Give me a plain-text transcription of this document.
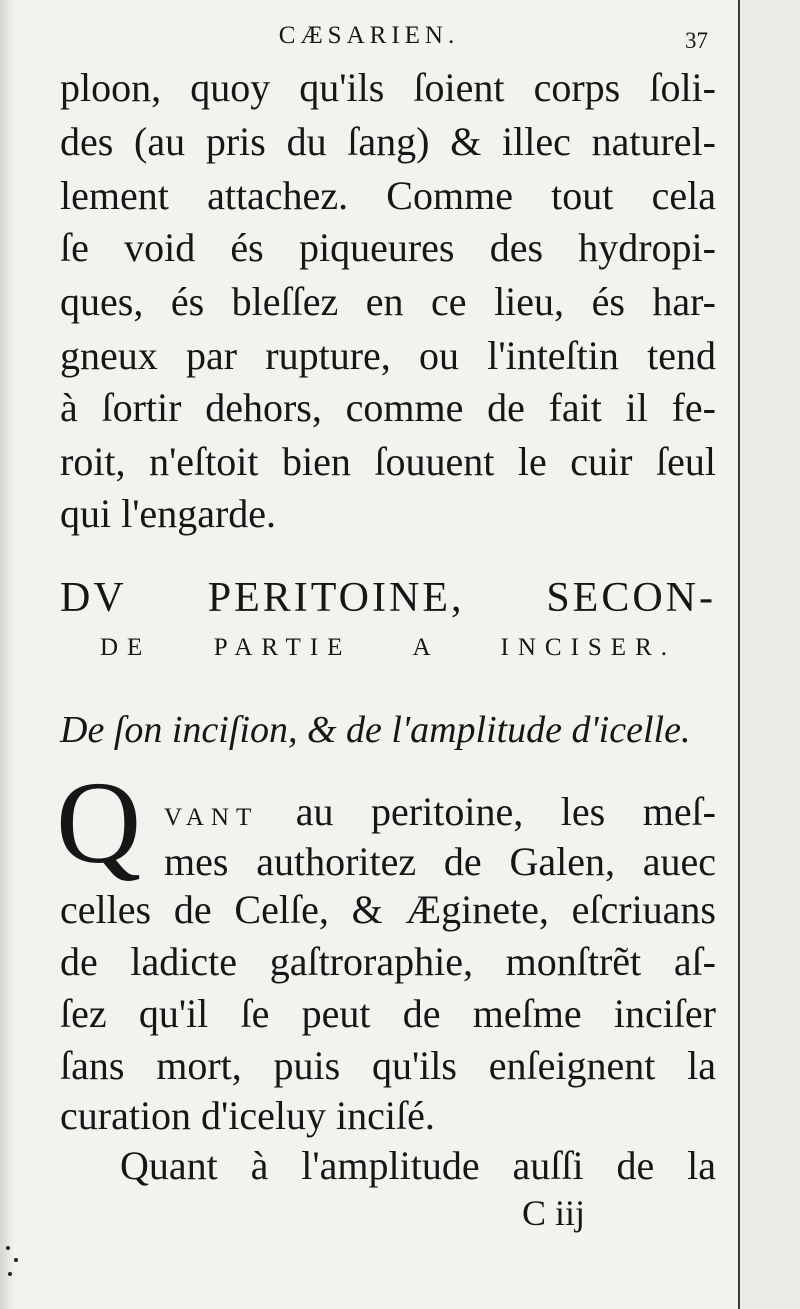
CÆSARIEN.	37

ploon, quoy qu'ils ſoient corps ſoli-

des (au pris du ſang) & illec naturel-

lement attachez. Comme tout cela

ſe void és piqueures des hydropi-

ques, és bleſſez en ce lieu, és har-

gneux par rupture, ou l'inteſtin tend

à ſortir dehors, comme de fait il fe-

roit, n'eſtoit bien ſouuent le cuir ſeul

qui l'engarde.

DV PERITOINE, SECON-
DE PARTIE A INCISER.

De ſon inciſion, & de l'amplitude d'icelle.

Q VANT au peritoine, les meſ-

mes authoritez de Galen, auec

celles de Celſe, & Æginete, eſcriuans

de ladicte gaſtroraphie, monſtrẽt aſ-

ſez qu'il ſe peut de meſme inciſer

ſans mort, puis qu'ils enſeignent la

curation d'iceluy inciſé.

Quant à l'amplitude auſſi de la

C iij
